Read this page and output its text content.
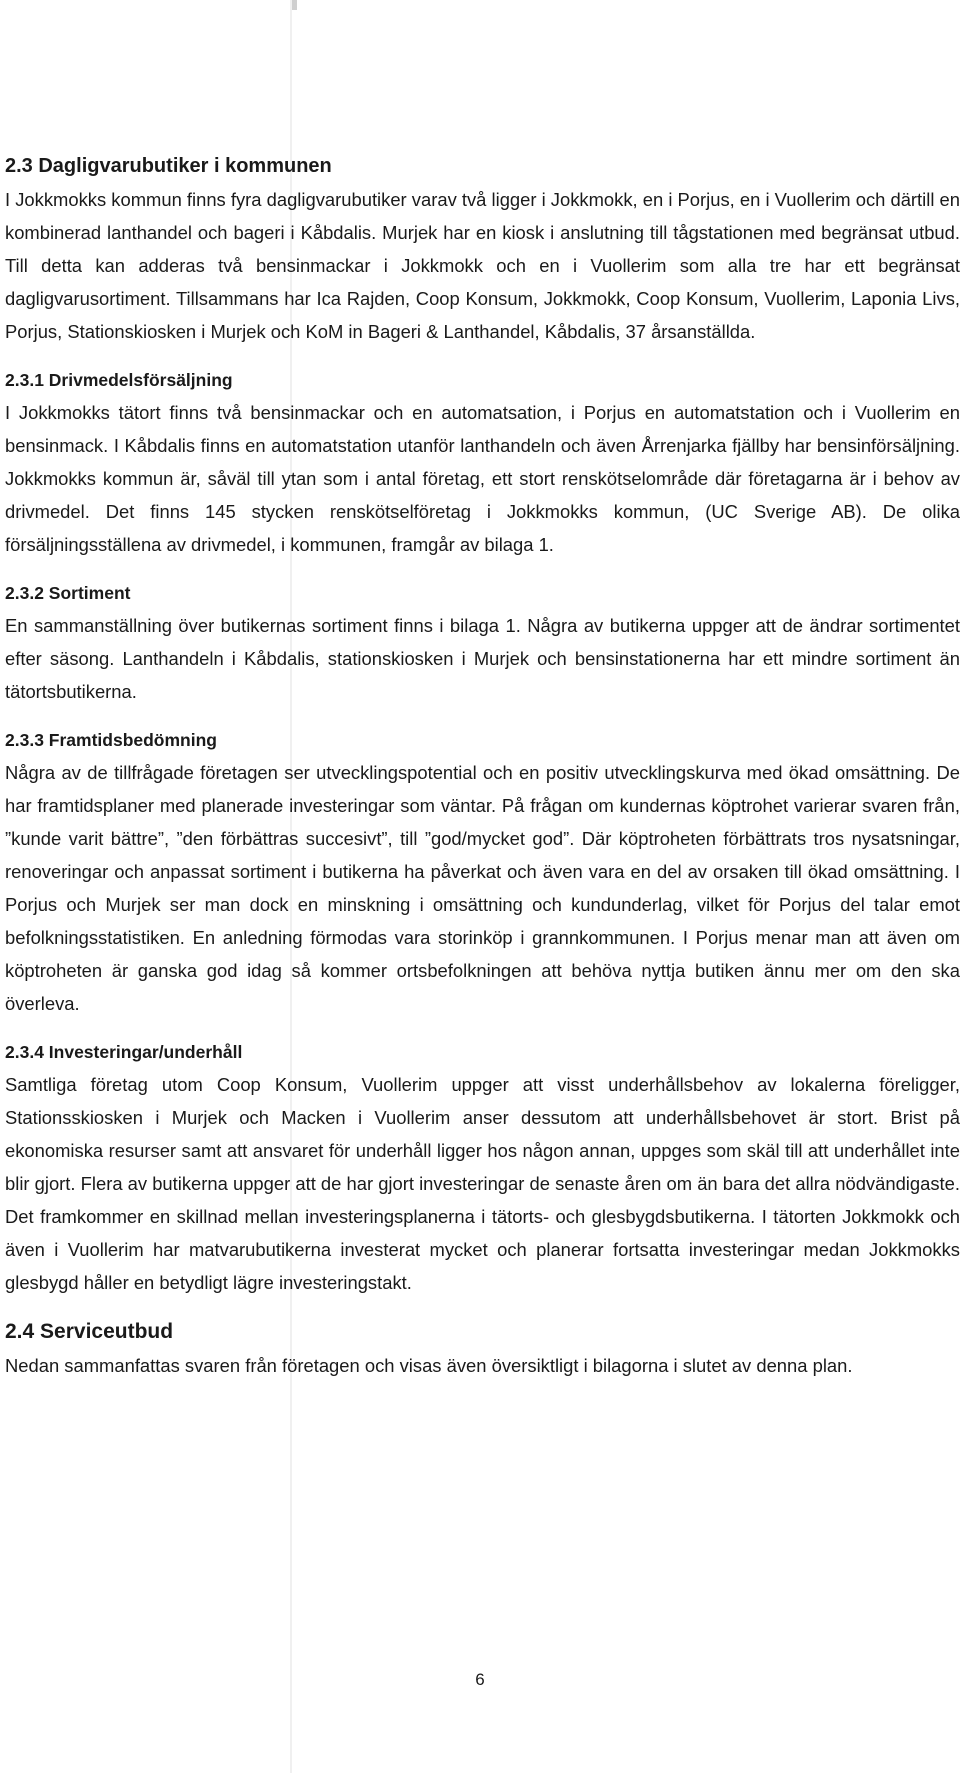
2.3 Dagligvarubutiker i kommunen

I Jokkmokks kommun finns fyra dagligvarubutiker varav två ligger i Jokkmokk, en i Porjus, en i Vuollerim och därtill en kombinerad lanthandel och bageri i Kåbdalis. Murjek har en kiosk i anslutning till tågstationen med begränsat utbud. Till detta kan adderas två bensinmackar i Jokkmokk och en i Vuollerim som alla tre har ett begränsat dagligvarusortiment. Tillsammans har Ica Rajden, Coop Konsum, Jokkmokk, Coop Konsum, Vuollerim, Laponia Livs, Porjus, Stationskiosken i Murjek och KoM in Bageri & Lanthandel, Kåbdalis, 37 årsanställda.

2.3.1 Drivmedelsförsäljning

I Jokkmokks tätort finns två bensinmackar och en automatsation, i Porjus en automatstation och i Vuollerim en bensinmack. I Kåbdalis finns en automatstation utanför lanthandeln och även Årrenjarka fjällby har bensinförsäljning. Jokkmokks kommun är, såväl till ytan som i antal företag, ett stort renskötselområde där företagarna är i behov av drivmedel. Det finns 145 stycken renskötselföretag i Jokkmokks kommun, (UC Sverige AB). De olika försäljningsställena av drivmedel, i kommunen, framgår av bilaga 1.

2.3.2 Sortiment

En sammanställning över butikernas sortiment finns i bilaga 1. Några av butikerna uppger att de ändrar sortimentet efter säsong. Lanthandeln i Kåbdalis, stationskiosken i Murjek och bensinstationerna har ett mindre sortiment än tätortsbutikerna.

2.3.3 Framtidsbedömning

Några av de tillfrågade företagen ser utvecklingspotential och en positiv utvecklingskurva med ökad omsättning. De har framtidsplaner med planerade investeringar som väntar. På frågan om kundernas köptrohet varierar svaren från, ”kunde varit bättre”, ”den förbättras succesivt”, till ”god/mycket god”. Där köptroheten förbättrats tros nysatsningar, renoveringar och anpassat sortiment i butikerna ha påverkat och även vara en del av orsaken till ökad omsättning. I Porjus och Murjek ser man dock en minskning i omsättning och kundunderlag, vilket för Porjus del talar emot befolkningsstatistiken. En anledning förmodas vara storinköp i grannkommunen. I Porjus menar man att även om köptroheten är ganska god idag så kommer ortsbefolkningen att behöva nyttja butiken ännu mer om den ska överleva.

2.3.4 Investeringar/underhåll

Samtliga företag utom Coop Konsum, Vuollerim uppger att visst underhållsbehov av lokalerna föreligger, Stationsskiosken i Murjek och Macken i Vuollerim anser dessutom att underhållsbehovet är stort. Brist på ekonomiska resurser samt att ansvaret för underhåll ligger hos någon annan, uppges som skäl till att underhållet inte blir gjort. Flera av butikerna uppger att de har gjort investeringar de senaste åren om än bara det allra nödvändigaste. Det framkommer en skillnad mellan investeringsplanerna i tätorts- och glesbygdsbutikerna. I tätorten Jokkmokk och även i Vuollerim har matvarubutikerna investerat mycket och planerar fortsatta investeringar medan Jokkmokks glesbygd håller en betydligt lägre investeringstakt.

2.4 Serviceutbud

Nedan sammanfattas svaren från företagen och visas även översiktligt i bilagorna i slutet av denna plan.

6
